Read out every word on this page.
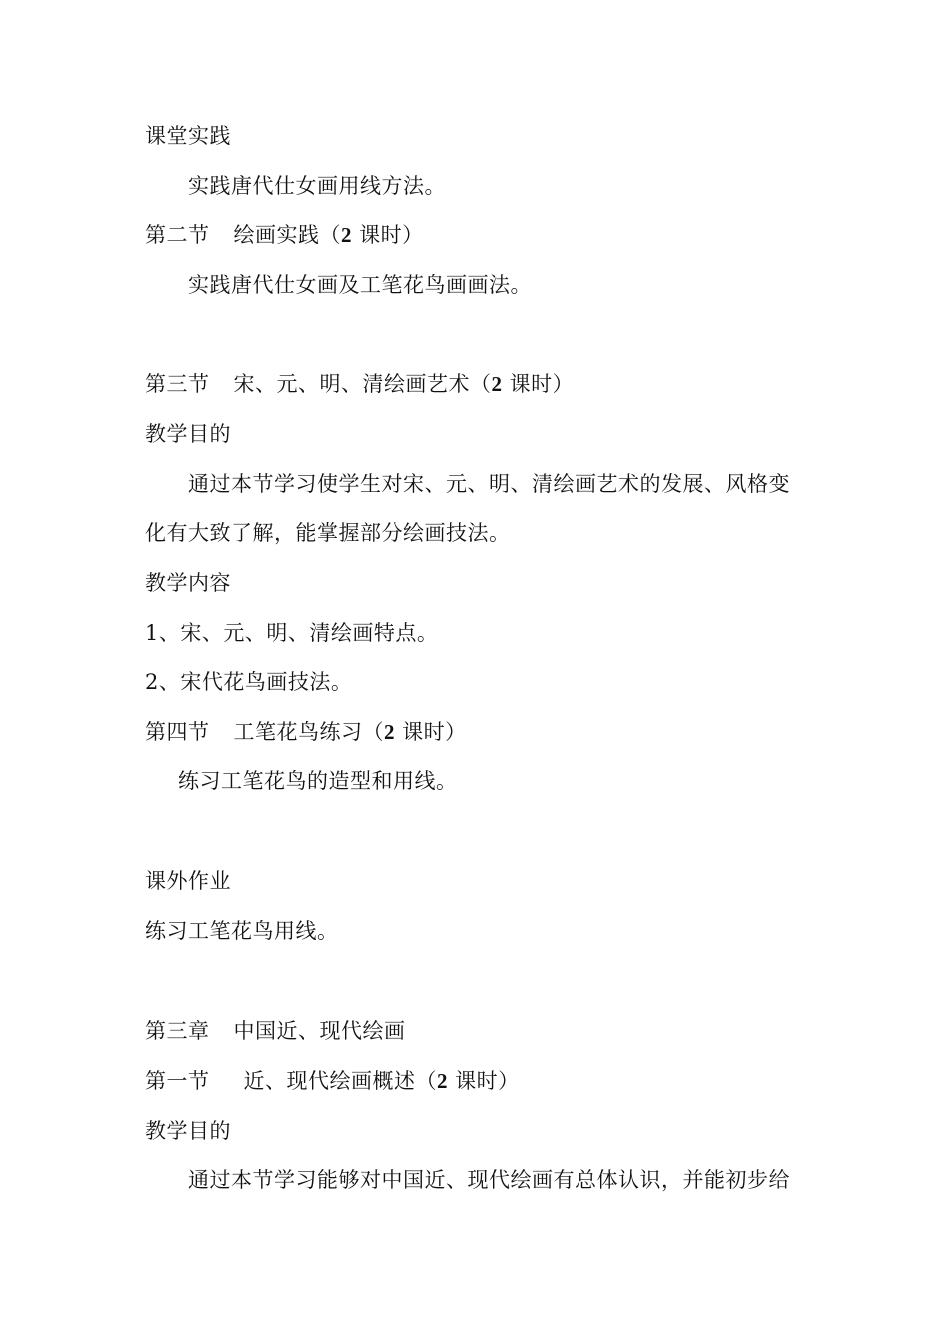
课堂实践
实践唐代仕女画用线方法。
第二节 绘画实践（2 课时）
实践唐代仕女画及工笔花鸟画画法。
第三节 宋、元、明、清绘画艺术（2 课时）
教学目的
通过本节学习使学生对宋、元、明、清绘画艺术的发展、风格变
化有大致了解，能掌握部分绘画技法。
教学内容
1、宋、元、明、清绘画特点。
2、宋代花鸟画技法。
第四节 工笔花鸟练习（2 课时）
练习工笔花鸟的造型和用线。
课外作业
练习工笔花鸟用线。
第三章 中国近、现代绘画
第一节 近、现代绘画概述（2 课时）
教学目的
通过本节学习能够对中国近、现代绘画有总体认识，并能初步给
